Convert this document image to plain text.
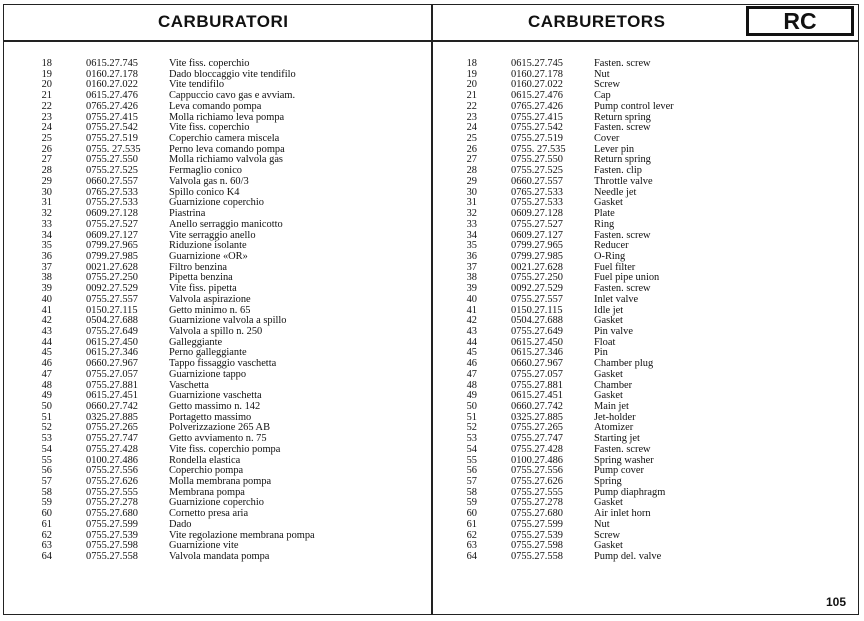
CARBURATORI	CARBURETORS	RC
18	0615.27.745	Vite fiss. coperchio
19	0160.27.178	Dado bloccaggio vite tendifilo
20	0160.27.022	Vite tendifilo
21	0615.27.476	Cappuccio cavo gas e avviam.
22	0765.27.426	Leva comando pompa
23	0755.27.415	Molla richiamo leva pompa
24	0755.27.542	Vite fiss. coperchio
25	0755.27.519	Coperchio camera miscela
26	0755. 27.535	Perno leva comando pompa
27	0755.27.550	Molla richiamo valvola gas
28	0755.27.525	Fermaglio conico
29	0660.27.557	Valvola gas n. 60/3
30	0765.27.533	Spillo conico K4
31	0755.27.533	Guarnizione coperchio
32	0609.27.128	Piastrina
33	0755.27.527	Anello serraggio manicotto
34	0609.27.127	Vite serraggio anello
35	0799.27.965	Riduzione isolante
36	0799.27.985	Guarnizione «OR»
37	0021.27.628	Filtro benzina
38	0755.27.250	Pipetta benzina
39	0092.27.529	Vite fiss. pipetta
40	0755.27.557	Valvola aspirazione
41	0150.27.115	Getto minimo n. 65
42	0504.27.688	Guarnizione valvola a spillo
43	0755.27.649	Valvola a spillo n. 250
44	0615.27.450	Galleggiante
45	0615.27.346	Perno galleggiante
46	0660.27.967	Tappo fissaggio vaschetta
47	0755.27.057	Guarnizione tappo
48	0755.27.881	Vaschetta
49	0615.27.451	Guarnizione vaschetta
50	0660.27.742	Getto massimo n. 142
51	0325.27.885	Portagetto massimo
52	0755.27.265	Polverizzazione 265 AB
53	0755.27.747	Getto avviamento n. 75
54	0755.27.428	Vite fiss. coperchio pompa
55	0100.27.486	Rondella elastica
56	0755.27.556	Coperchio pompa
57	0755.27.626	Molla membrana pompa
58	0755.27.555	Membrana pompa
59	0755.27.278	Guarnizione coperchio
60	0755.27.680	Cornetto presa aria
61	0755.27.599	Dado
62	0755.27.539	Vite regolazione membrana pompa
63	0755.27.598	Guarnizione vite
64	0755.27.558	Valvola mandata pompa
18	0615.27.745	Fasten. screw
19	0160.27.178	Nut
20	0160.27.022	Screw
21	0615.27.476	Cap
22	0765.27.426	Pump control lever
23	0755.27.415	Return spring
24	0755.27.542	Fasten. screw
25	0755.27.519	Cover
26	0755. 27.535	Lever pin
27	0755.27.550	Return spring
28	0755.27.525	Fasten. clip
29	0660.27.557	Throttle valve
30	0765.27.533	Needle jet
31	0755.27.533	Gasket
32	0609.27.128	Plate
33	0755.27.527	Ring
34	0609.27.127	Fasten. screw
35	0799.27.965	Reducer
36	0799.27.985	O-Ring
37	0021.27.628	Fuel filter
38	0755.27.250	Fuel pipe union
39	0092.27.529	Fasten. screw
40	0755.27.557	Inlet valve
41	0150.27.115	Idle jet
42	0504.27.688	Gasket
43	0755.27.649	Pin valve
44	0615.27.450	Float
45	0615.27.346	Pin
46	0660.27.967	Chamber plug
47	0755.27.057	Gasket
48	0755.27.881	Chamber
49	0615.27.451	Gasket
50	0660.27.742	Main jet
51	0325.27.885	Jet-holder
52	0755.27.265	Atomizer
53	0755.27.747	Starting jet
54	0755.27.428	Fasten. screw
55	0100.27.486	Spring washer
56	0755.27.556	Pump cover
57	0755.27.626	Spring
58	0755.27.555	Pump diaphragm
59	0755.27.278	Gasket
60	0755.27.680	Air inlet horn
61	0755.27.599	Nut
62	0755.27.539	Screw
63	0755.27.598	Gasket
64	0755.27.558	Pump del. valve
105
